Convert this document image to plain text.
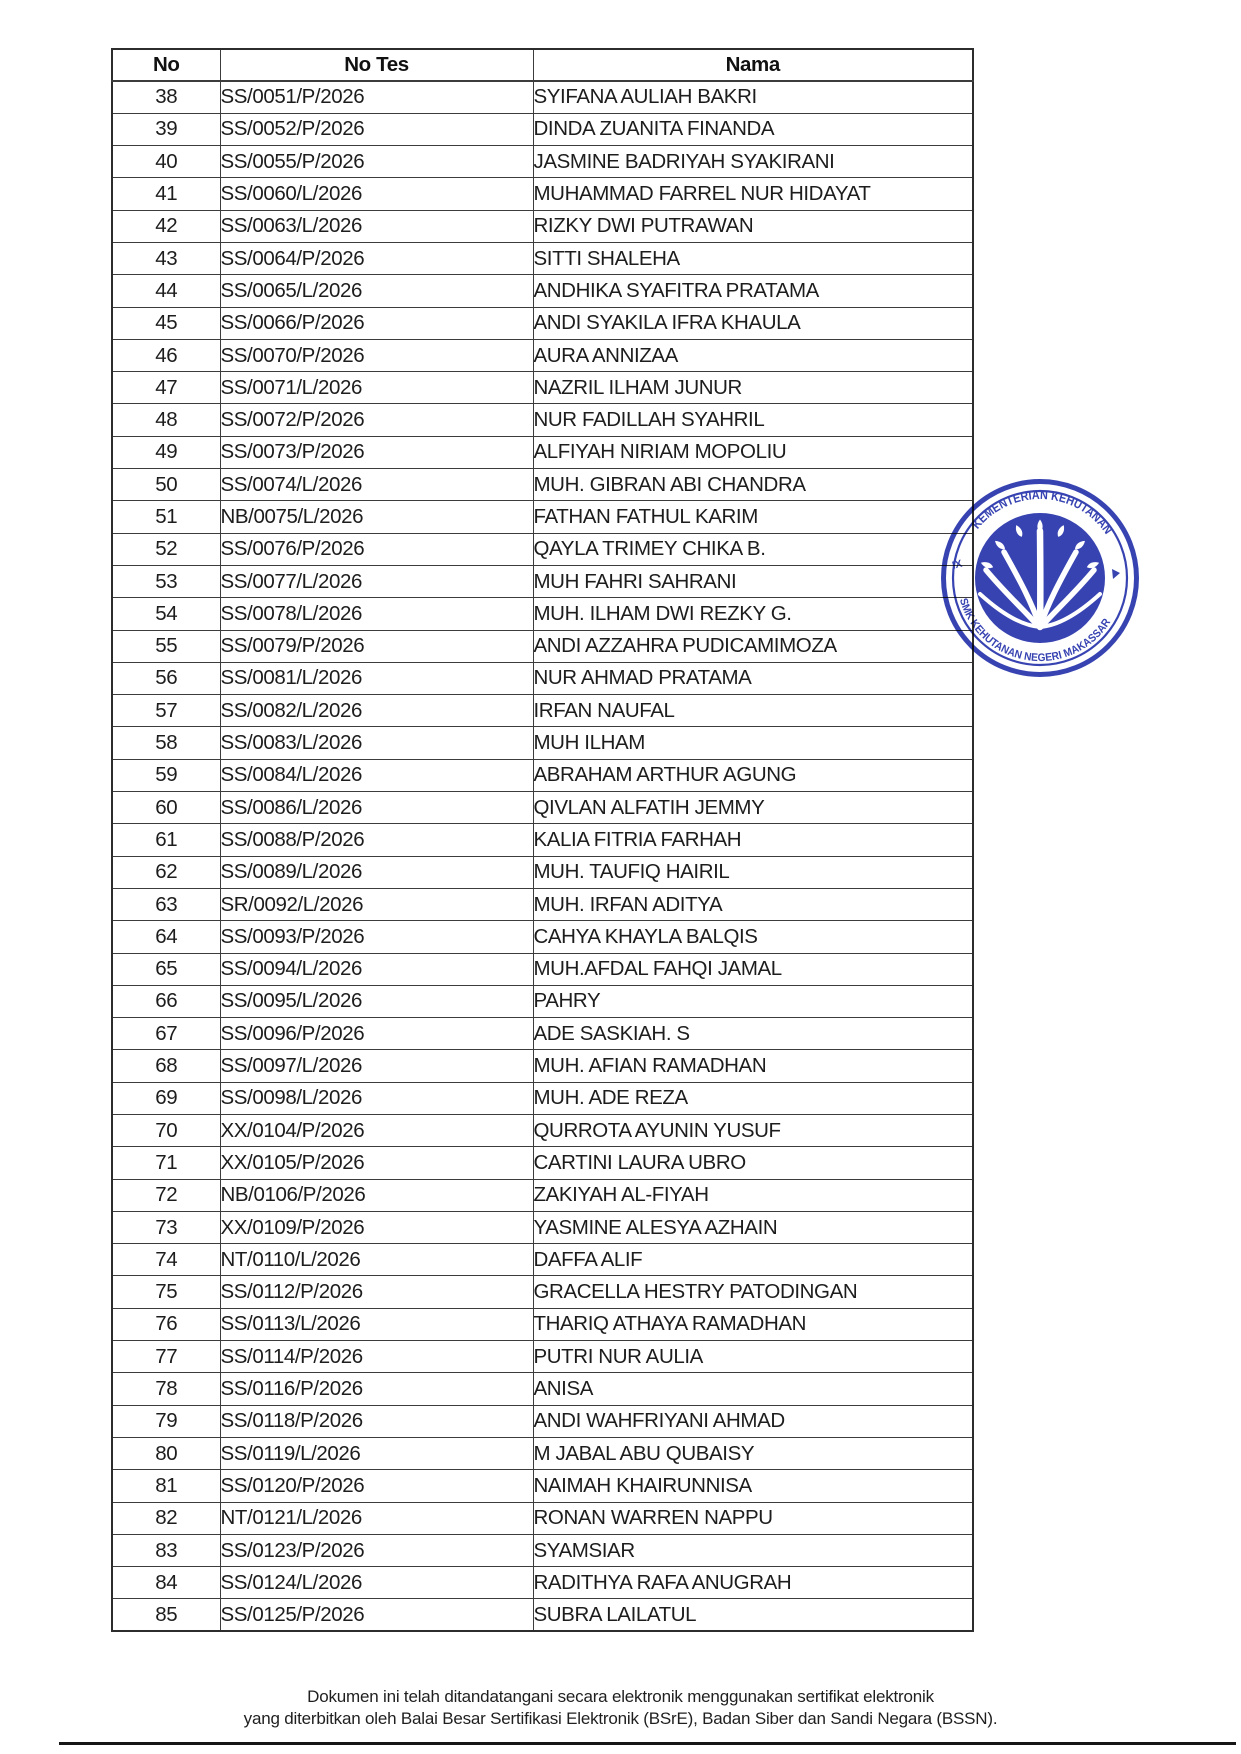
No	No Tes	Nama
38	SS/0051/P/2026	SYIFANA AULIAH BAKRI
39	SS/0052/P/2026	DINDA ZUANITA FINANDA
40	SS/0055/P/2026	JASMINE BADRIYAH SYAKIRANI
41	SS/0060/L/2026	MUHAMMAD FARREL NUR HIDAYAT
42	SS/0063/L/2026	RIZKY DWI PUTRAWAN
43	SS/0064/P/2026	SITTI SHALEHA
44	SS/0065/L/2026	ANDHIKA SYAFITRA PRATAMA
45	SS/0066/P/2026	ANDI SYAKILA IFRA KHAULA
46	SS/0070/P/2026	AURA ANNIZAA
47	SS/0071/L/2026	NAZRIL ILHAM JUNUR
48	SS/0072/P/2026	NUR FADILLAH SYAHRIL
49	SS/0073/P/2026	ALFIYAH NIRIAM MOPOLIU
50	SS/0074/L/2026	MUH. GIBRAN ABI CHANDRA
51	NB/0075/L/2026	FATHAN FATHUL KARIM
52	SS/0076/P/2026	QAYLA TRIMEY CHIKA B.
53	SS/0077/L/2026	MUH FAHRI SAHRANI
54	SS/0078/L/2026	MUH. ILHAM DWI REZKY G.
55	SS/0079/P/2026	ANDI AZZAHRA PUDICAMIMOZA
56	SS/0081/L/2026	NUR AHMAD PRATAMA
57	SS/0082/L/2026	IRFAN NAUFAL
58	SS/0083/L/2026	MUH ILHAM
59	SS/0084/L/2026	ABRAHAM ARTHUR AGUNG
60	SS/0086/L/2026	QIVLAN ALFATIH JEMMY
61	SS/0088/P/2026	KALIA FITRIA FARHAH
62	SS/0089/L/2026	MUH. TAUFIQ HAIRIL
63	SR/0092/L/2026	MUH. IRFAN ADITYA
64	SS/0093/P/2026	CAHYA KHAYLA BALQIS
65	SS/0094/L/2026	MUH.AFDAL FAHQI JAMAL
66	SS/0095/L/2026	PAHRY
67	SS/0096/P/2026	ADE SASKIAH. S
68	SS/0097/L/2026	MUH. AFIAN RAMADHAN
69	SS/0098/L/2026	MUH. ADE REZA
70	XX/0104/P/2026	QURROTA AYUNIN YUSUF
71	XX/0105/P/2026	CARTINI LAURA UBRO
72	NB/0106/P/2026	ZAKIYAH AL-FIYAH
73	XX/0109/P/2026	YASMINE ALESYA AZHAIN
74	NT/0110/L/2026	DAFFA ALIF
75	SS/0112/P/2026	GRACELLA HESTRY PATODINGAN
76	SS/0113/L/2026	THARIQ ATHAYA RAMADHAN
77	SS/0114/P/2026	PUTRI NUR AULIA
78	SS/0116/P/2026	ANISA
79	SS/0118/P/2026	ANDI WAHFRIYANI AHMAD
80	SS/0119/L/2026	M JABAL ABU QUBAISY
81	SS/0120/P/2026	NAIMAH KHAIRUNNISA
82	NT/0121/L/2026	RONAN WARREN NAPPU
83	SS/0123/P/2026	SYAMSIAR
84	SS/0124/L/2026	RADITHYA RAFA ANUGRAH
85	SS/0125/P/2026	SUBRA LAILATUL
KEMENTERIAN KEHUTANAN
SMK KEHUTANAN NEGERI MAKASSAR
IX
Dokumen ini telah ditandatangani secara elektronik menggunakan sertifikat elektronik
yang diterbitkan oleh Balai Besar Sertifikasi Elektronik (BSrE), Badan Siber dan Sandi Negara (BSSN).
